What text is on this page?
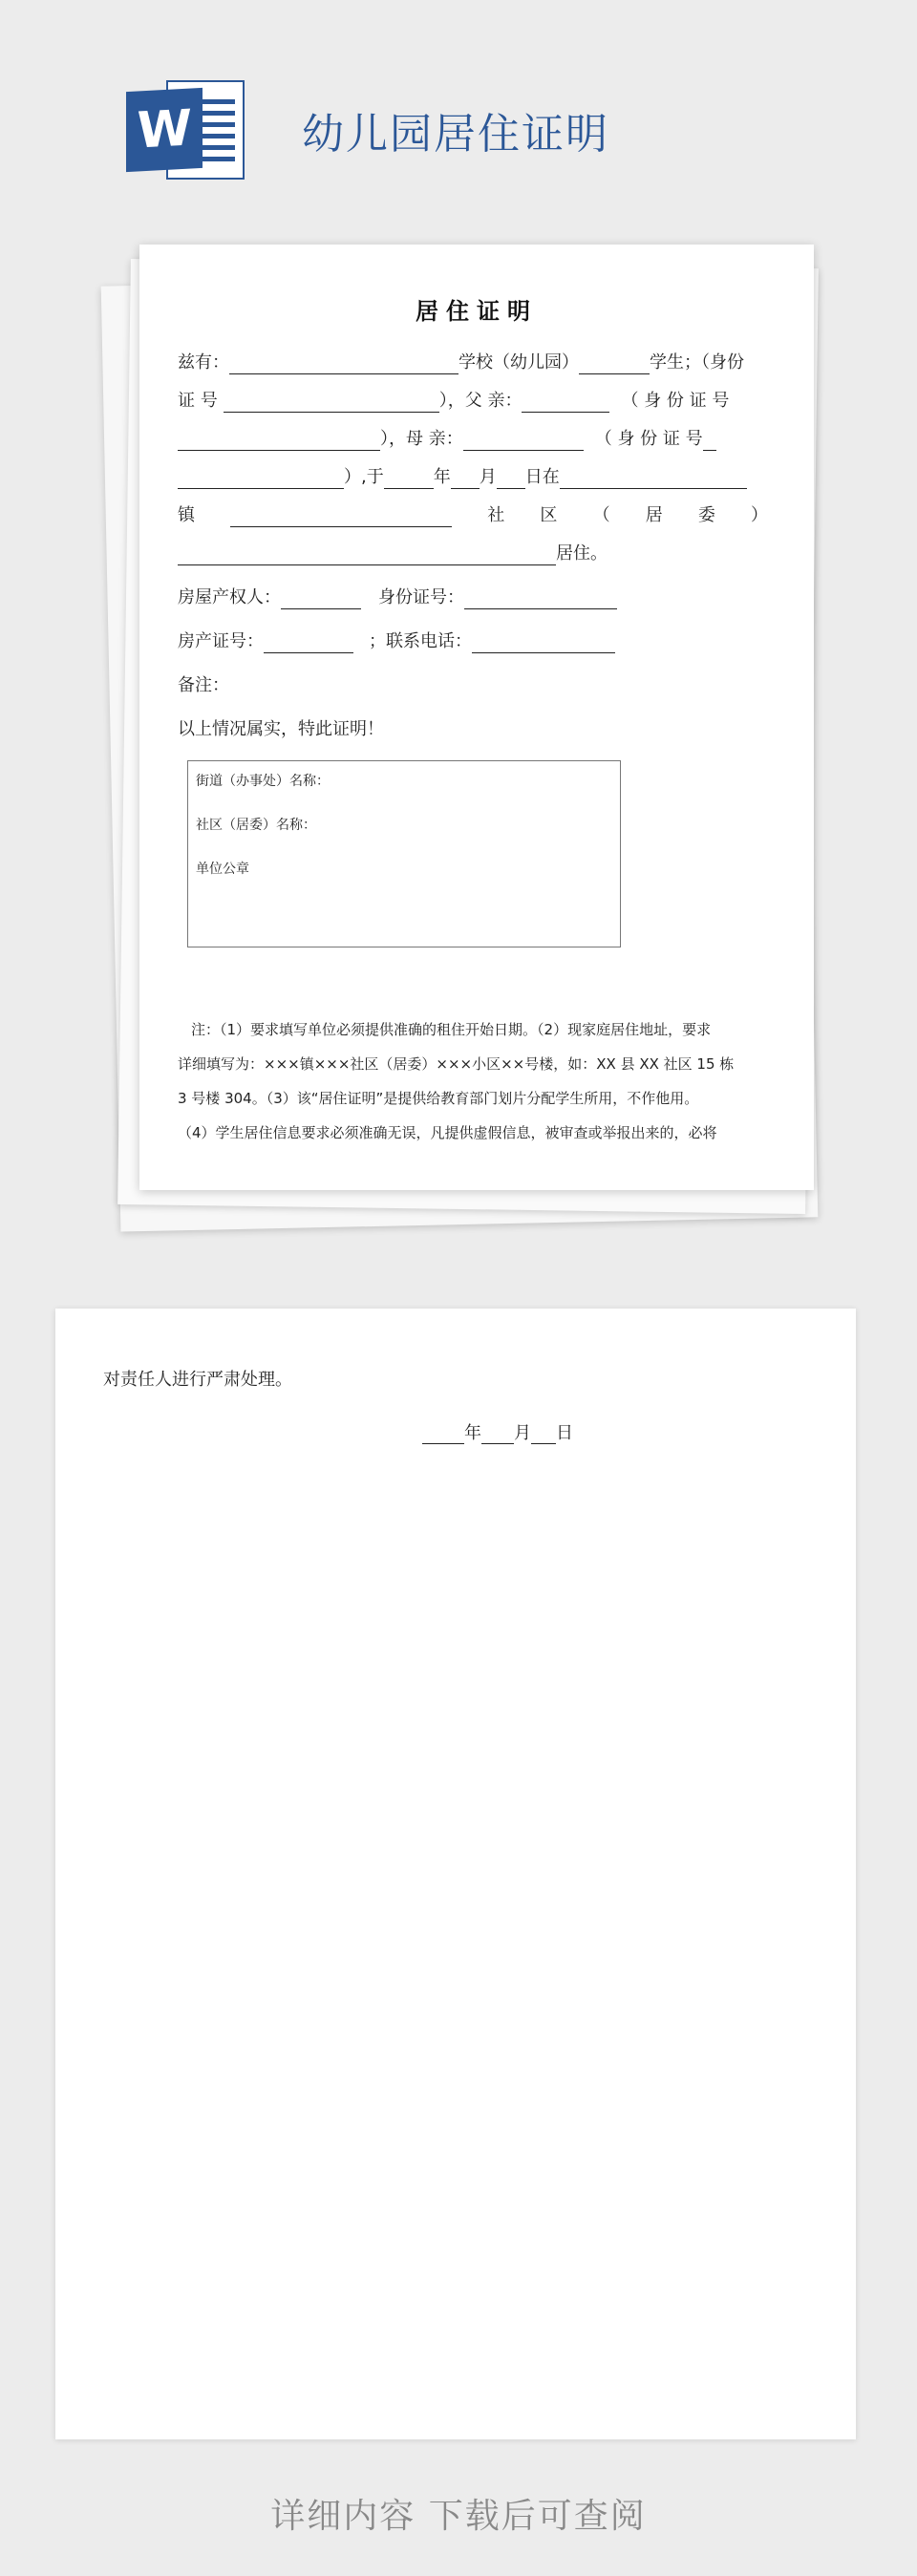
W	幼儿园居住证明
居住证明
兹有：	学校（幼儿园）	学生；（身份
证 号	），父 亲：	（ 身 份 证 号
），母 亲：	（ 身 份 证 号
）,于	年 月 日在
镇	社 区 （ 居 委 ）
居住。
房屋产权人：	身份证号：
房产证号：	；联系电话：
备注：
以上情况属实，特此证明！
街道（办事处）名称：
社区（居委）名称：
单位公章

注：（1）要求填写单位必须提供准确的租住开始日期。（2）现家庭居住地址，要求

详细填写为：×××镇×××社区（居委）×××小区××号楼，如：XX 县 XX 社区 15 栋

3 号楼 304。（3）该“居住证明”是提供给教育部门划片分配学生所用，不作他用。

（4）学生居住信息要求必须准确无误，凡提供虚假信息，被审查或举报出来的，必将

对责任人进行严肃处理。
年 月 日
详细内容 下载后可查阅
